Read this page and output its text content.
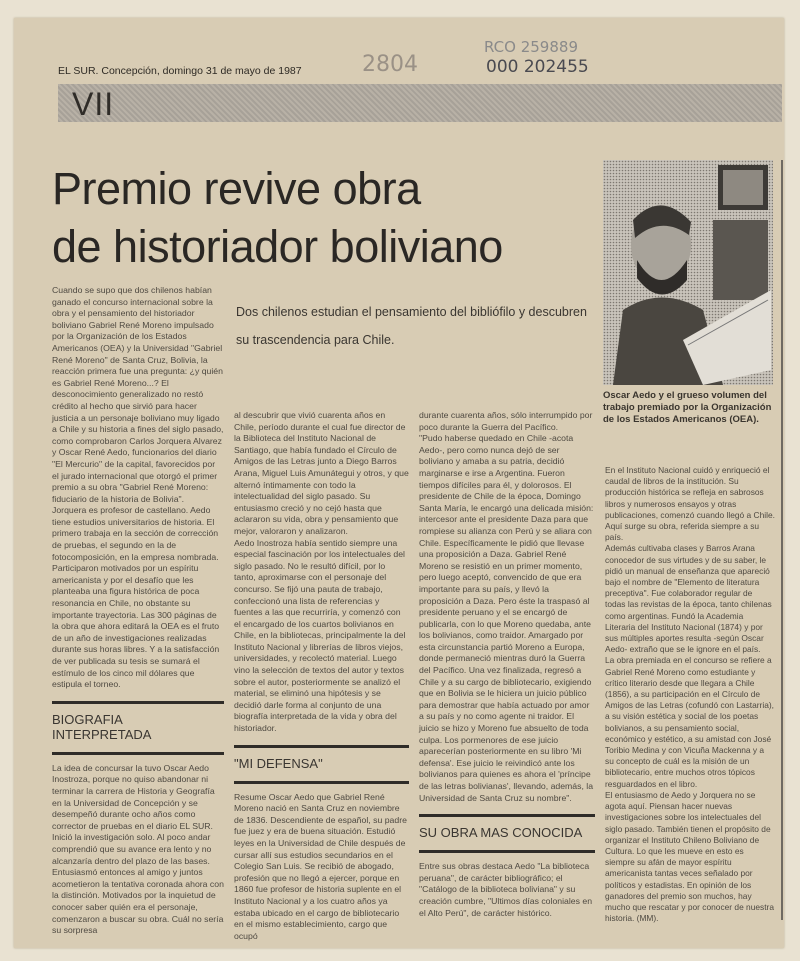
EL SUR. Concepción, domingo 31 de mayo de 1987	2804
RCO 259889
000 202455
VII
Premio revive obra
de historiador boliviano
Dos chilenos estudian el pensamiento del bibliófilo y descubren su trascendencia para Chile.
Oscar Aedo y el grueso volumen del trabajo premiado por la Organización de los Estados Americanos (OEA).

Cuando se supo que dos chilenos habían ganado el concurso internacional sobre la obra y el pensamiento del historiador boliviano Gabriel René Moreno impulsado por la Organización de los Estados Americanos (OEA) y la Universidad "Gabriel René Moreno" de Santa Cruz, Bolivia, la reacción primera fue una pregunta: ¿y quién es Gabriel René Moreno...? El desconocimiento generalizado no restó crédito al hecho que sirvió para hacer justicia a un personaje boliviano muy ligado a Chile y su historia a fines del siglo pasado, como comprobaron Carlos Jorquera Alvarez y Oscar René Aedo, funcionarios del diario "El Mercurio" de la capital, favorecidos por el jurado internacional que otorgó el primer premio a su obra "Gabriel René Moreno: fiduciario de la historia de Bolivia".

Jorquera es profesor de castellano. Aedo tiene estudios universitarios de historia. El primero trabaja en la sección de corrección de pruebas, el segundo en la de fotocomposición, en la empresa nombrada. Participaron motivados por un espíritu americanista y por el desafío que les planteaba una figura histórica de poca resonancia en Chile, no obstante su importante trayectoria. Las 300 páginas de la obra que ahora editará la OEA es el fruto de un año de investigaciones realizadas durante sus horas libres. Y a la satisfacción de ver publicada su tesis se sumará el estímulo de los cinco mil dólares que estipula el torneo.

BIOGRAFIA INTERPRETADA

La idea de concursar la tuvo Oscar Aedo Inostroza, porque no quiso abandonar ni terminar la carrera de Historia y Geografía en la Universidad de Concepción y se desempeñó durante ocho años como corrector de pruebas en el diario EL SUR. Inició la investigación solo. Al poco andar comprendió que su avance era lento y no alcanzaría dentro del plazo de las bases. Entusiasmó entonces al amigo y juntos acometieron la tentativa coronada ahora con la distinción. Motivados por la inquietud de conocer saber quién era el personaje, comenzaron a buscar su obra. Cuál no sería su sorpresa

al descubrir que vivió cuarenta años en Chile, período durante el cual fue director de la Biblioteca del Instituto Nacional de Santiago, que había fundado el Círculo de Amigos de las Letras junto a Diego Barros Arana, Miguel Luis Amunátegui y otros, y que alternó íntimamente con todo la intelectualidad del siglo pasado. Su entusiasmo creció y no cejó hasta que aclararon su vida, obra y pensamiento que mejor, valoraron y analizaron.

Aedo Inostroza había sentido siempre una especial fascinación por los intelectuales del siglo pasado. No le resultó difícil, por lo tanto, aproximarse con el personaje del concurso. Se fijó una pauta de trabajo, confeccionó una lista de referencias y fuentes a las que recurriría, y comenzó con el encargado de los cuartos bolivianos en Chile, en la bibliotecas, principalmente la del Instituto Nacional y librerías de libros viejos, universidades, y recolectó material. Luego vino la selección de textos del autor y textos sobre el autor, posteriormente se analizó el material, se eliminó una hipótesis y se decidió darle forma al conjunto de una biografía interpretada de la vida y obra del historiador.

"MI DEFENSA"

Resume Oscar Aedo que Gabriel René Moreno nació en Santa Cruz en noviembre de 1836. Descendiente de español, su padre fue juez y era de buena situación. Estudió leyes en la Universidad de Chile después de cursar allí sus estudios secundarios en el Colegio San Luis. Se recibió de abogado, profesión que no llegó a ejercer, porque en 1860 fue profesor de historia suplente en el Instituto Nacional y a los cuatro años ya estaba ubicado en el cargo de bibliotecario en el mismo establecimiento, cargo que ocupó

durante cuarenta años, sólo interrumpido por poco durante la Guerra del Pacífico.

"Pudo haberse quedado en Chile -acota Aedo-, pero como nunca dejó de ser boliviano y amaba a su patria, decidió marginarse e irse a Argentina. Fueron tiempos difíciles para él, y dolorosos. El presidente de Chile de la época, Domingo Santa María, le encargó una delicada misión: intercesor ante el presidente Daza para que rompiese su alianza con Perú y se aliara con Chile. Específicamente le pidió que llevase una proposición a Daza. Gabriel René Moreno se resistió en un primer momento, pero luego aceptó, convencido de que era importante para su país, y llevó la proposición a Daza. Pero éste la traspasó al presidente peruano y el se encargó de publicarla, con lo que Moreno quedaba, ante los bolivianos, como traidor. Amargado por esta circunstancia partió Moreno a Europa, donde permaneció mientras duró la Guerra del Pacífico. Una vez finalizada, regresó a Chile y a su cargo de bibliotecario, exigiendo que en Bolivia se le hiciera un juicio público para demostrar que había actuado por amor a su país y no como agente ni traidor. El juicio se hizo y Moreno fue absuelto de toda culpa. Los pormenores de ese juicio aparecerían posteriormente en su libro 'Mi defensa'. Ese juicio le reivindicó ante los bolivianos para quienes es ahora el 'príncipe de las letras bolivianas', llevando, además, la Universidad de Santa Cruz su nombre".

SU OBRA MAS CONOCIDA

Entre sus obras destaca Aedo "La biblioteca peruana", de carácter bibliográfico; el "Catálogo de la biblioteca boliviana" y su creación cumbre, "Ultimos días coloniales en el Alto Perú", de carácter histórico.

En el Instituto Nacional cuidó y enriqueció el caudal de libros de la institución. Su producción histórica se refleja en sabrosos libros y numerosos ensayos y otras publicaciones, comenzó cuando llegó a Chile. Aquí surge su obra, referida siempre a su país.

Además cultivaba clases y Barros Arana conocedor de sus virtudes y de su saber, le pidió un manual de enseñanza que apareció bajo el nombre de "Elemento de literatura preceptiva". Fue colaborador regular de todas las revistas de la época, tanto chilenas como argentinas. Fundó la Academia Literaria del Instituto Nacional (1874) y por sus múltiples aportes resulta -según Oscar Aedo- extraño que se le ignore en el país.

La obra premiada en el concurso se refiere a Gabriel René Moreno como estudiante y crítico literario desde que llegara a Chile (1856), a su participación en el Círculo de Amigos de las Letras (cofundó con Lastarria), a su visión estética y social de los poetas bolivianos, a su pensamiento social, económico y estético, a su amistad con José Toribio Medina y con Vicuña Mackenna y a su concepto de cuál es la misión de un bibliotecario, entre muchos otros tópicos resguardados en el libro.

El entusiasmo de Aedo y Jorquera no se agota aquí. Piensan hacer nuevas investigaciones sobre los intelectuales del siglo pasado. También tienen el propósito de organizar el Instituto Chileno Boliviano de Cultura. Lo que les mueve en esto es siempre su afán de mayor espíritu americanista tantas veces señalado por políticos y estadistas. En opinión de los ganadores del premio son muchos, hay mucho que rescatar y por conocer de nuestra historia. (MM).
